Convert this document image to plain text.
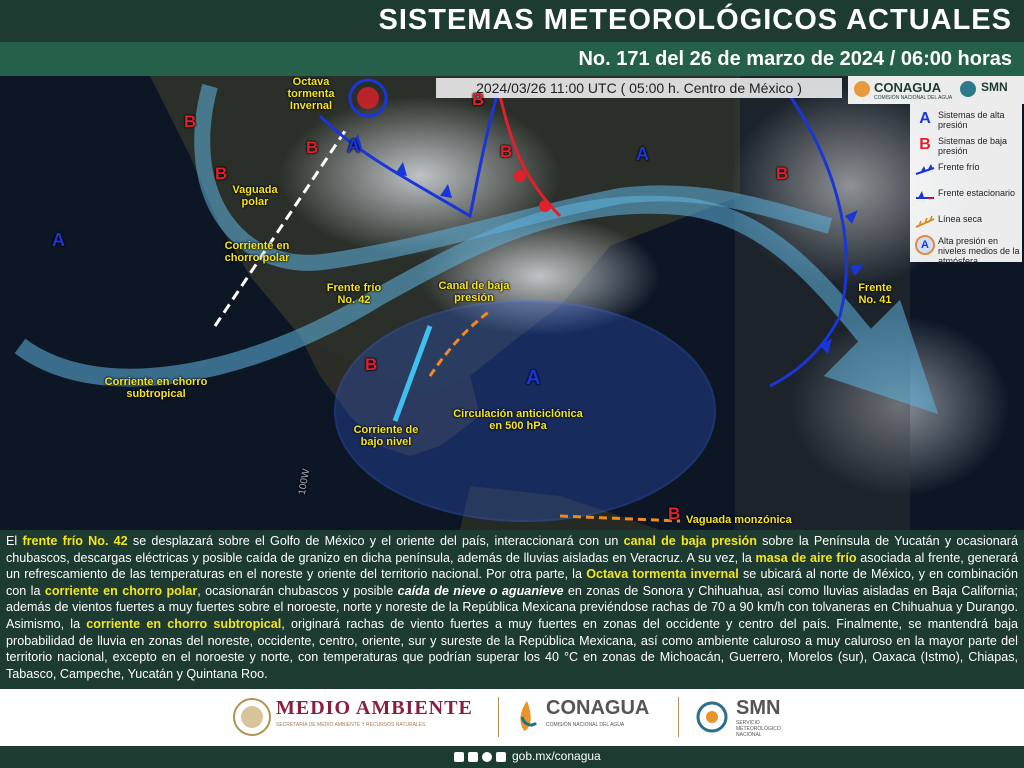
SISTEMAS METEOROLÓGICOS ACTUALES
No. 171 del 26 de marzo de 2024 / 06:00 horas
2024/03/26 11:00 UTC ( 05:00 h. Centro de México )	CONAGUA
COMISIÓN NACIONAL DEL AGUA
SMN
A Sistemas de alta presión
B Sistemas de baja presión
Frente frío
Frente estacionario
Línea seca
A	Alta presión en niveles medios de la atmósfera
B
B
B
B
B
B
B
B
A
A
A
A
Octava tormenta Invernal
Vaguada polar
Corriente en chorro polar
Frente frío No. 42
Canal de baja presión
Corriente en chorro subtropical
Corriente de bajo nivel
Circulación anticiclónica en 500 hPa
Frente No. 41
Vaguada monzónica
100W
El frente frío No. 42 se desplazará sobre el Golfo de México y el oriente del país, interaccionará con un canal de baja presión sobre la Península de Yucatán y ocasionará chubascos, descargas eléctricas y posible caída de granizo en dicha península, además de lluvias aisladas en Veracruz. A su vez, la masa de aire frío asociada al frente, generará un refrescamiento de las temperaturas en el noreste y oriente del territorio nacional. Por otra parte, la Octava tormenta invernal se ubicará al norte de México, y en combinación con la corriente en chorro polar, ocasionarán chubascos y posible caída de nieve o aguanieve en zonas de Sonora y Chihuahua, así como lluvias aisladas en Baja California; además de vientos fuertes a muy fuertes sobre el noroeste, norte y noreste de la República Mexicana previéndose rachas de 70 a 90 km/h con tolvaneras en Chihuahua y Durango. Asimismo, la corriente en chorro subtropical, originará rachas de viento fuertes a muy fuertes en zonas del occidente y centro del país. Finalmente, se mantendrá baja probabilidad de lluvia en zonas del noreste, occidente, centro, oriente, sur y sureste de la República Mexicana, así como ambiente caluroso a muy caluroso en la mayor parte del territorio nacional, excepto en el noroeste y norte, con temperaturas que podrían superar los 40 °C en zonas de Michoacán, Guerrero, Morelos (sur), Oaxaca (Istmo), Chiapas, Tabasco, Campeche, Yucatán y Quintana Roo.
MEDIO AMBIENTE
SECRETARÍA DE MEDIO AMBIENTE Y RECURSOS NATURALES
CONAGUA
COMISIÓN NACIONAL DEL AGUA
SMN
SERVICIO METEOROLÓGICO NACIONAL
gob.mx/conagua
